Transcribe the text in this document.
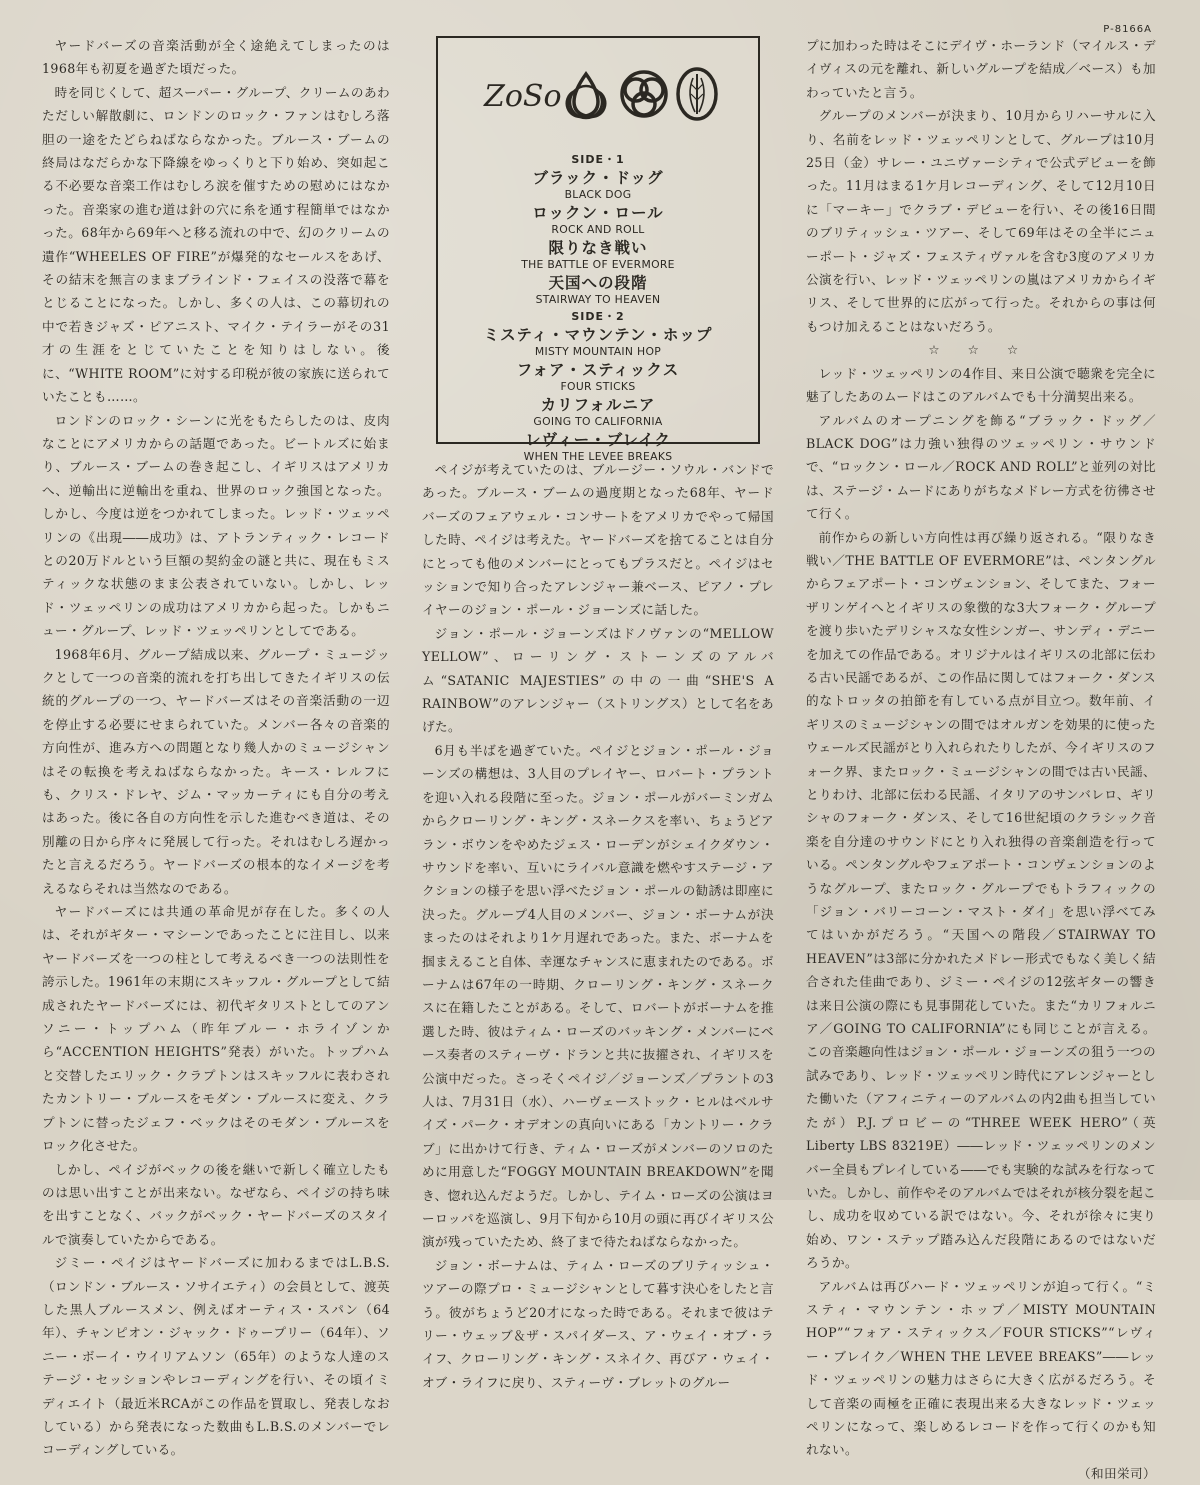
P-8166A

ヤードバーズの音楽活動が全く途絶えてしまったのは1968年も初夏を過ぎた頃だった。

時を同じくして、超スーパー・グループ、クリームのあわただしい解散劇に、ロンドンのロック・ファンはむしろ落胆の一途をたどらねばならなかった。ブルース・ブームの終局はなだらかな下降線をゆっくりと下り始め、突如起こる不必要な音楽工作はむしろ涙を催すための慰めにはなかった。音楽家の進む道は針の穴に糸を通す程簡単ではなかった。68年から69年へと移る流れの中で、幻のクリームの遺作“WHEELES OF FIRE”が爆発的なセールスをあげ、その結末を無言のままブラインド・フェイスの没落で幕をとじることになった。しかし、多くの人は、この幕切れの中で若きジャズ・ピアニスト、マイク・テイラーがその31才の生涯をとじていたことを知りはしない。後に、“WHITE ROOM”に対する印税が彼の家族に送られていたことも……。

ロンドンのロック・シーンに光をもたらしたのは、皮肉なことにアメリカからの話題であった。ビートルズに始まり、ブルース・ブームの巻き起こし、イギリスはアメリカへ、逆輸出に逆輸出を重ね、世界のロック強国となった。しかし、今度は逆をつかれてしまった。レッド・ツェッペリンの《出現――成功》は、アトランティック・レコードとの20万ドルという巨額の契約金の謎と共に、現在もミスティックな状態のまま公表されていない。しかし、レッド・ツェッペリンの成功はアメリカから起った。しかもニュー・グループ、レッド・ツェッペリンとしてである。

1968年6月、グループ結成以来、グループ・ミュージックとして一つの音楽的流れを打ち出してきたイギリスの伝統的グループの一つ、ヤードバーズはその音楽活動の一辺を停止する必要にせまられていた。メンバー各々の音楽的方向性が、進み方への問題となり幾人かのミュージシャンはその転換を考えねばならなかった。キース・レルフにも、クリス・ドレヤ、ジム・マッカーティにも自分の考えはあった。後に各自の方向性を示した進むべき道は、その別離の日から序々に発展して行った。それはむしろ遅かったと言えるだろう。ヤードバーズの根本的なイメージを考えるならそれは当然なのである。

ヤードバーズには共通の革命児が存在した。多くの人は、それがギター・マシーンであったことに注目し、以来ヤードバーズを一つの柱として考えるべき一つの法則性を誇示した。1961年の末期にスキッフル・グループとして結成されたヤードバーズには、初代ギタリストとしてのアンソニー・トップハム（昨年ブルー・ホライゾンから“ACCENTION HEIGHTS”発表）がいた。トップハムと交替したエリック・クラプトンはスキッフルに表わされたカントリー・ブルースをモダン・ブルースに変え、クラプトンに替ったジェフ・ベックはそのモダン・ブルースをロック化させた。

しかし、ペイジがベックの後を継いで新しく確立したものは思い出すことが出来ない。なぜなら、ペイジの持ち味を出すことなく、バックがベック・ヤードバーズのスタイルで演奏していたからである。

ジミー・ペイジはヤードバーズに加わるまではL.B.S.（ロンドン・ブルース・ソサイエティ）の会員として、渡英した黒人ブルースメン、例えばオーティス・スパン（64年）、チャンピオン・ジャック・ドゥープリー（64年）、ソニー・ボーイ・ウイリアムソン（65年）のような人達のステージ・セッションやレコーディングを行い、その頃イミディエイト（最近米RCAがこの作品を買取し、発表しなおしている）から発表になった数曲もL.B.S.のメンバーでレコーディングしている。

ZoSo
SIDE・1
ブラック・ドッグ
BLACK DOG
ロックン・ロール
ROCK AND ROLL
限りなき戦い
THE BATTLE OF EVERMORE
天国への段階
STAIRWAY TO HEAVEN
SIDE・2
ミスティ・マウンテン・ホップ
MISTY MOUNTAIN HOP
フォア・スティックス
FOUR STICKS
カリフォルニア
GOING TO CALIFORNIA
レヴィー・ブレイク
WHEN THE LEVEE BREAKS

ペイジが考えていたのは、ブルージー・ソウル・バンドであった。ブルース・ブームの過度期となった68年、ヤードバーズのフェアウェル・コンサートをアメリカでやって帰国した時、ペイジは考えた。ヤードバーズを捨てることは自分にとっても他のメンバーにとってもプラスだと。ペイジはセッションで知り合ったアレンジャー兼ベース、ピアノ・プレイヤーのジョン・ポール・ジョーンズに話した。

ジョン・ポール・ジョーンズはドノヴァンの“MELLOW YELLOW”、ローリング・ストーンズのアルバム“SATANIC MAJESTIES”の中の一曲“SHE'S A RAINBOW”のアレンジャー（ストリングス）として名をあげた。

6月も半ばを過ぎていた。ペイジとジョン・ポール・ジョーンズの構想は、3人目のプレイヤー、ロバート・プラントを迎い入れる段階に至った。ジョン・ポールがバーミンガムからクローリング・キング・スネークスを率い、ちょうどアラン・ボウンをやめたジェス・ローデンがシェイクダウン・サウンドを率い、互いにライバル意識を燃やすステージ・アクションの様子を思い浮べたジョン・ポールの勧誘は即座に決った。グループ4人目のメンバー、ジョン・ボーナムが決まったのはそれより1ケ月遅れであった。また、ボーナムを掴まえること自体、幸運なチャンスに恵まれたのである。ボーナムは67年の一時期、クローリング・キング・スネークスに在籍したことがある。そして、ロバートがボーナムを推選した時、彼はティム・ローズのバッキング・メンバーにベース奏者のスティーヴ・ドランと共に抜擢され、イギリスを公演中だった。さっそくペイジ／ジョーンズ／プラントの3人は、7月31日（水）、ハーヴェーストック・ヒルはベルサイズ・パーク・オデオンの真向いにある「カントリー・クラブ」に出かけて行き、ティム・ローズがメンバーのソロのために用意した“FOGGY MOUNTAIN BREAKDOWN”を聞き、惚れ込んだようだ。しかし、テイム・ローズの公演はヨーロッパを巡演し、9月下旬から10月の頭に再びイギリス公演が残っていたため、終了まで待たねばならなかった。

ジョン・ボーナムは、ティム・ローズのブリティッシュ・ツアーの際プロ・ミュージシャンとして暮す決心をしたと言う。彼がちょうど20才になった時である。それまで彼はテリー・ウェッブ＆ザ・スパイダース、ア・ウェイ・オブ・ライフ、クローリング・キング・スネイク、再びア・ウェイ・オブ・ライフに戻り、スティーヴ・ブレットのグルー

プに加わった時はそこにデイヴ・ホーランド（マイルス・デイヴィスの元を離れ、新しいグループを結成／ベース）も加わっていたと言う。

グループのメンバーが決まり、10月からリハーサルに入り、名前をレッド・ツェッペリンとして、グループは10月25日（金）サレー・ユニヴァーシティで公式デビューを飾った。11月はまる1ケ月レコーディング、そして12月10日に「マーキー」でクラブ・デビューを行い、その後16日間のブリティッシュ・ツアー、そして69年はその全半にニューポート・ジャズ・フェスティヴァルを含む3度のアメリカ公演を行い、レッド・ツェッペリンの嵐はアメリカからイギリス、そして世界的に広がって行った。それからの事は何もつけ加えることはないだろう。

☆☆☆

レッド・ツェッペリンの4作目、来日公演で聴衆を完全に魅了したあのムードはこのアルバムでも十分満契出来る。

アルバムのオープニングを飾る“ブラック・ドッグ／BLACK DOG”は力強い独得のツェッペリン・サウンドで、“ロックン・ロール／ROCK AND ROLL”と並列の対比は、ステージ・ムードにありがちなメドレー方式を彷彿させて行く。

前作からの新しい方向性は再び繰り返される。“限りなき戦い／THE BATTLE OF EVERMORE”は、ペンタングルからフェアポート・コンヴェンション、そしてまた、フォーザリンゲイへとイギリスの象徴的な3大フォーク・グループを渡り歩いたデリシャスな女性シンガー、サンディ・デニーを加えての作品である。オリジナルはイギリスの北部に伝わる古い民謡であるが、この作品に関してはフォーク・ダンス的なトロッタの拍節を有している点が目立つ。数年前、イギリスのミュージシャンの間ではオルガンを効果的に使ったウェールズ民謡がとり入れられたりしたが、今イギリスのフォーク界、またロック・ミュージシャンの間では古い民謡、とりわけ、北部に伝わる民謡、イタリアのサンバレロ、ギリシャのフォーク・ダンス、そして16世紀頃のクラシック音楽を自分達のサウンドにとり入れ独得の音楽創造を行っている。ペンタングルやフェアポート・コンヴェンションのようなグループ、またロック・グループでもトラフィックの「ジョン・バリーコーン・マスト・ダイ」を思い浮べてみてはいかがだろう。“天国への階段／STAIRWAY TO HEAVEN”は3部に分かれたメドレー形式でもなく美しく結合された佳曲であり、ジミー・ペイジの12弦ギターの響きは来日公演の際にも見事開花していた。また“カリフォルニア／GOING TO CALIFORNIA”にも同じことが言える。この音楽趣向性はジョン・ポール・ジョーンズの狙う一つの試みであり、レッド・ツェッペリン時代にアレンジャーとした働いた（アフィニティーのアルバムの内2曲も担当していたが）P.J.プロビーの“THREE WEEK HERO”（英 Liberty LBS 83219E）――レッド・ツェッペリンのメンバー全員もプレイしている――でも実験的な試みを行なっていた。しかし、前作やそのアルバムではそれが核分裂を起こし、成功を収めている訳ではない。今、それが徐々に実り始め、ワン・ステップ踏み込んだ段階にあるのではないだろうか。

アルバムは再びハード・ツェッペリンが迫って行く。“ミスティ・マウンテン・ホップ／MISTY MOUNTAIN HOP”“フォア・スティックス／FOUR STICKS”“レヴィー・ブレイク／WHEN THE LEVEE BREAKS”――レッド・ツェッペリンの魅力はさらに大きく広がるだろう。そして音楽の両極を正確に表現出来る大きなレッド・ツェッペリンになって、楽しめるレコードを作って行くのかも知れない。

（和田栄司）
